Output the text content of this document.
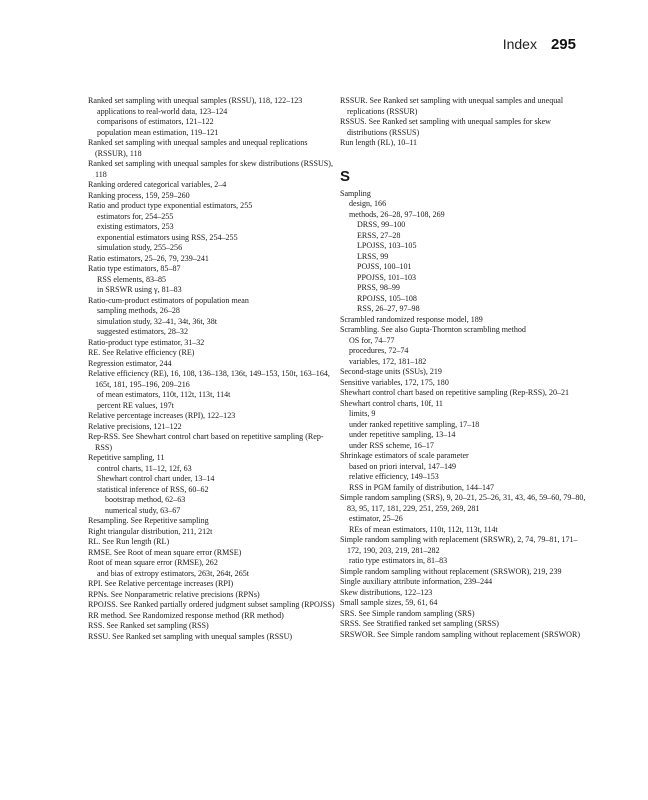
Index 295

Ranked set sampling with unequal samples (RSSU), 118, 122–123

applications to real-world data, 123–124

comparisons of estimators, 121–122

population mean estimation, 119–121

Ranked set sampling with unequal samples and unequal replications (RSSUR), 118

Ranked set sampling with unequal samples for skew distributions (RSSUS), 118

Ranking ordered categorical variables, 2–4

Ranking process, 159, 259–260

Ratio and product type exponential estimators, 255

estimators for, 254–255

existing estimators, 253

exponential estimators using RSS, 254–255

simulation study, 255–256

Ratio estimators, 25–26, 79, 239–241

Ratio type estimators, 85–87

RSS elements, 83–85

in SRSWR using γ, 81–83

Ratio-cum-product estimators of population mean

sampling methods, 26–28

simulation study, 32–41, 34t, 36t, 38t

suggested estimators, 28–32

Ratio-product type estimator, 31–32

RE. See Relative efficiency (RE)

Regression estimator, 244

Relative efficiency (RE), 16, 108, 136–138, 136t, 149–153, 150t, 163–164, 165t, 181, 195–196, 209–216

of mean estimators, 110t, 112t, 113t, 114t

percent RE values, 197t

Relative percentage increases (RPI), 122–123

Relative precisions, 121–122

Rep-RSS. See Shewhart control chart based on repetitive sampling (Rep-RSS)

Repetitive sampling, 11

control charts, 11–12, 12f, 63

Shewhart control chart under, 13–14

statistical inference of RSS, 60–62

bootstrap method, 62–63

numerical study, 63–67

Resampling. See Repetitive sampling

Right triangular distribution, 211, 212t

RL. See Run length (RL)

RMSE. See Root of mean square error (RMSE)

Root of mean square error (RMSE), 262

and bias of extropy estimators, 263t, 264t, 265t

RPI. See Relative percentage increases (RPI)

RPNs. See Nonparametric relative precisions (RPNs)

RPOJSS. See Ranked partially ordered judgment subset sampling (RPOJSS)

RR method. See Randomized response method (RR method)

RSS. See Ranked set sampling (RSS)

RSSU. See Ranked set sampling with unequal samples (RSSU)

RSSUR. See Ranked set sampling with unequal samples and unequal replications (RSSUR)

RSSUS. See Ranked set sampling with unequal samples for skew distributions (RSSUS)

Run length (RL), 10–11

S

Sampling

design, 166

methods, 26–28, 97–108, 269

DRSS, 99–100

ERSS, 27–28

LPOJSS, 103–105

LRSS, 99

POJSS, 100–101

PPOJSS, 101–103

PRSS, 98–99

RPOJSS, 105–108

RSS, 26–27, 97–98

Scrambled randomized response model, 189

Scrambling. See also Gupta-Thornton scrambling method

OS for, 74–77

procedures, 72–74

variables, 172, 181–182

Second-stage units (SSUs), 219

Sensitive variables, 172, 175, 180

Shewhart control chart based on repetitive sampling (Rep-RSS), 20–21

Shewhart control charts, 10f, 11

limits, 9

under ranked repetitive sampling, 17–18

under repetitive sampling, 13–14

under RSS scheme, 16–17

Shrinkage estimators of scale parameter

based on priori interval, 147–149

relative efficiency, 149–153

RSS in PGM family of distribution, 144–147

Simple random sampling (SRS), 9, 20–21, 25–26, 31, 43, 46, 59–60, 79–80, 83, 95, 117, 181, 229, 251, 259, 269, 281

estimator, 25–26

REs of mean estimators, 110t, 112t, 113t, 114t

Simple random sampling with replacement (SRSWR), 2, 74, 79–81, 171–172, 190, 203, 219, 281–282

ratio type estimators in, 81–83

Simple random sampling without replacement (SRSWOR), 219, 239

Single auxiliary attribute information, 239–244

Skew distributions, 122–123

Small sample sizes, 59, 61, 64

SRS. See Simple random sampling (SRS)

SRSS. See Stratified ranked set sampling (SRSS)

SRSWOR. See Simple random sampling without replacement (SRSWOR)
